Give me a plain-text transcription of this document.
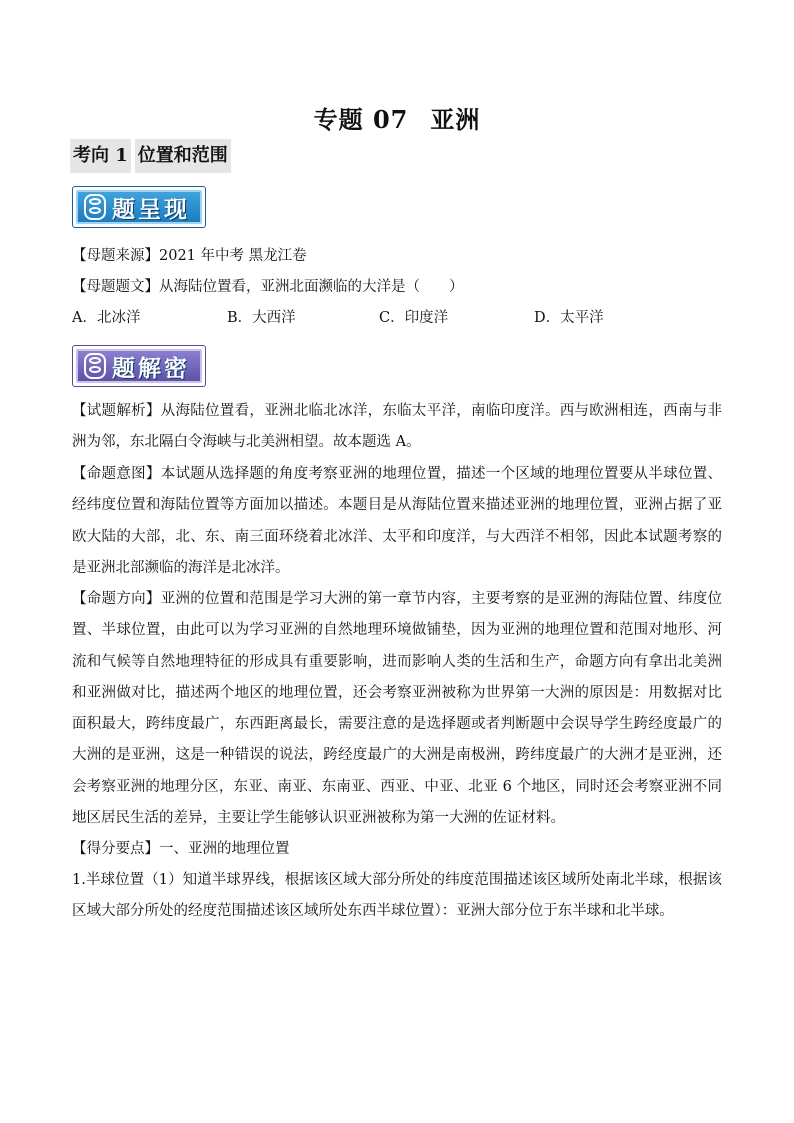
专题 07 亚洲
考向 1 位置和范围
题呈现
【母题来源】2021 年中考 黑龙江卷
【母题题文】从海陆位置看，亚洲北面濒临的大洋是（　　）
A．北冰洋	B．大西洋	C．印度洋	D．太平洋
题解密
【试题解析】从海陆位置看，亚洲北临北冰洋，东临太平洋，南临印度洋。西与欧洲相连，西南与非洲为邻，东北隔白令海峡与北美洲相望。故本题选 A。
【命题意图】本试题从选择题的角度考察亚洲的地理位置，描述一个区域的地理位置要从半球位置、经纬度位置和海陆位置等方面加以描述。本题目是从海陆位置来描述亚洲的地理位置，亚洲占据了亚欧大陆的大部，北、东、南三面环绕着北冰洋、太平和印度洋，与大西洋不相邻，因此本试题考察的是亚洲北部濒临的海洋是北冰洋。
【命题方向】亚洲的位置和范围是学习大洲的第一章节内容，主要考察的是亚洲的海陆位置、纬度位置、半球位置，由此可以为学习亚洲的自然地理环境做铺垫，因为亚洲的地理位置和范围对地形、河流和气候等自然地理特征的形成具有重要影响，进而影响人类的生活和生产，命题方向有拿出北美洲和亚洲做对比，描述两个地区的地理位置，还会考察亚洲被称为世界第一大洲的原因是：用数据对比面积最大，跨纬度最广，东西距离最长，需要注意的是选择题或者判断题中会误导学生跨经度最广的大洲的是亚洲，这是一种错误的说法，跨经度最广的大洲是南极洲，跨纬度最广的大洲才是亚洲，还会考察亚洲的地理分区，东亚、南亚、东南亚、西亚、中亚、北亚 6 个地区，同时还会考察亚洲不同地区居民生活的差异，主要让学生能够认识亚洲被称为第一大洲的佐证材料。
【得分要点】一、亚洲的地理位置
1.半球位置（1）知道半球界线，根据该区域大部分所处的纬度范围描述该区域所处南北半球，根据该区域大部分所处的经度范围描述该区域所处东西半球位置）：亚洲大部分位于东半球和北半球。
